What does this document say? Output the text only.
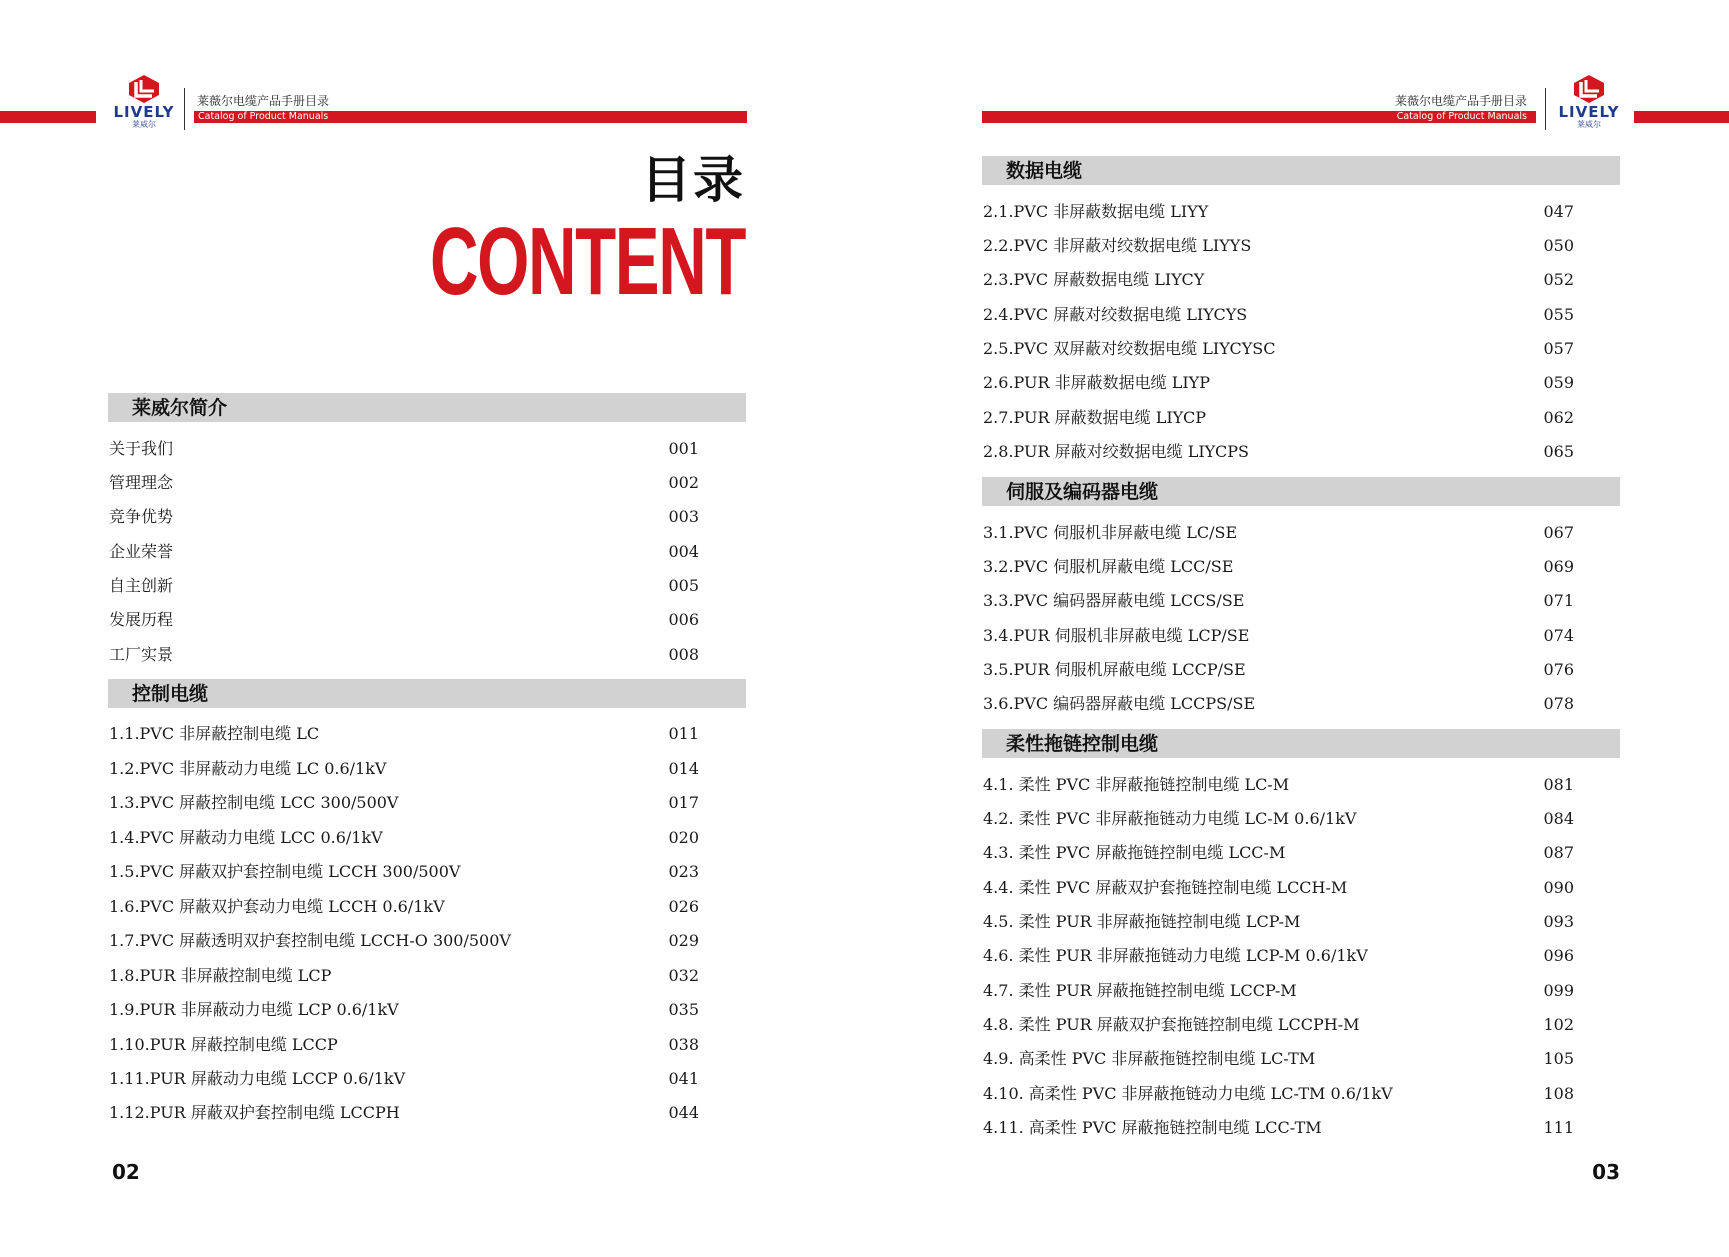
LIVELY
莱威尔
莱薇尔电缆产品手册目录
Catalog of Product Manuals
莱薇尔电缆产品手册目录
Catalog of Product Manuals	LIVELY
莱威尔
目录
CONTENT
莱威尔简介
关于我们	001
管理理念	002
竞争优势	003
企业荣誉	004
自主创新	005
发展历程	006
工厂实景	008
控制电缆
1.1.PVC 非屏蔽控制电缆 LC	011
1.2.PVC 非屏蔽动力电缆 LC 0.6/1kV	014
1.3.PVC 屏蔽控制电缆 LCC 300/500V	017
1.4.PVC 屏蔽动力电缆 LCC 0.6/1kV	020
1.5.PVC 屏蔽双护套控制电缆 LCCH 300/500V	023
1.6.PVC 屏蔽双护套动力电缆 LCCH 0.6/1kV	026
1.7.PVC 屏蔽透明双护套控制电缆 LCCH-O 300/500V	029
1.8.PUR 非屏蔽控制电缆 LCP	032
1.9.PUR 非屏蔽动力电缆 LCP 0.6/1kV	035
1.10.PUR 屏蔽控制电缆 LCCP	038
1.11.PUR 屏蔽动力电缆 LCCP 0.6/1kV	041
1.12.PUR 屏蔽双护套控制电缆 LCCPH	044
数据电缆
2.1.PVC 非屏蔽数据电缆 LIYY	047
2.2.PVC 非屏蔽对绞数据电缆 LIYYS	050
2.3.PVC 屏蔽数据电缆 LIYCY	052
2.4.PVC 屏蔽对绞数据电缆 LIYCYS	055
2.5.PVC 双屏蔽对绞数据电缆 LIYCYSC	057
2.6.PUR 非屏蔽数据电缆 LIYP	059
2.7.PUR 屏蔽数据电缆 LIYCP	062
2.8.PUR 屏蔽对绞数据电缆 LIYCPS	065
伺服及编码器电缆
3.1.PVC 伺服机非屏蔽电缆 LC/SE	067
3.2.PVC 伺服机屏蔽电缆 LCC/SE	069
3.3.PVC 编码器屏蔽电缆 LCCS/SE	071
3.4.PUR 伺服机非屏蔽电缆 LCP/SE	074
3.5.PUR 伺服机屏蔽电缆 LCCP/SE	076
3.6.PVC 编码器屏蔽电缆 LCCPS/SE	078
柔性拖链控制电缆
4.1. 柔性 PVC 非屏蔽拖链控制电缆 LC-M	081
4.2. 柔性 PVC 非屏蔽拖链动力电缆 LC-M 0.6/1kV	084
4.3. 柔性 PVC 屏蔽拖链控制电缆 LCC-M	087
4.4. 柔性 PVC 屏蔽双护套拖链控制电缆 LCCH-M	090
4.5. 柔性 PUR 非屏蔽拖链控制电缆 LCP-M	093
4.6. 柔性 PUR 非屏蔽拖链动力电缆 LCP-M 0.6/1kV	096
4.7. 柔性 PUR 屏蔽拖链控制电缆 LCCP-M	099
4.8. 柔性 PUR 屏蔽双护套拖链控制电缆 LCCPH-M	102
4.9. 高柔性 PVC 非屏蔽拖链控制电缆 LC-TM	105
4.10. 高柔性 PVC 非屏蔽拖链动力电缆 LC-TM 0.6/1kV	108
4.11. 高柔性 PVC 屏蔽拖链控制电缆 LCC-TM	111
02	03
